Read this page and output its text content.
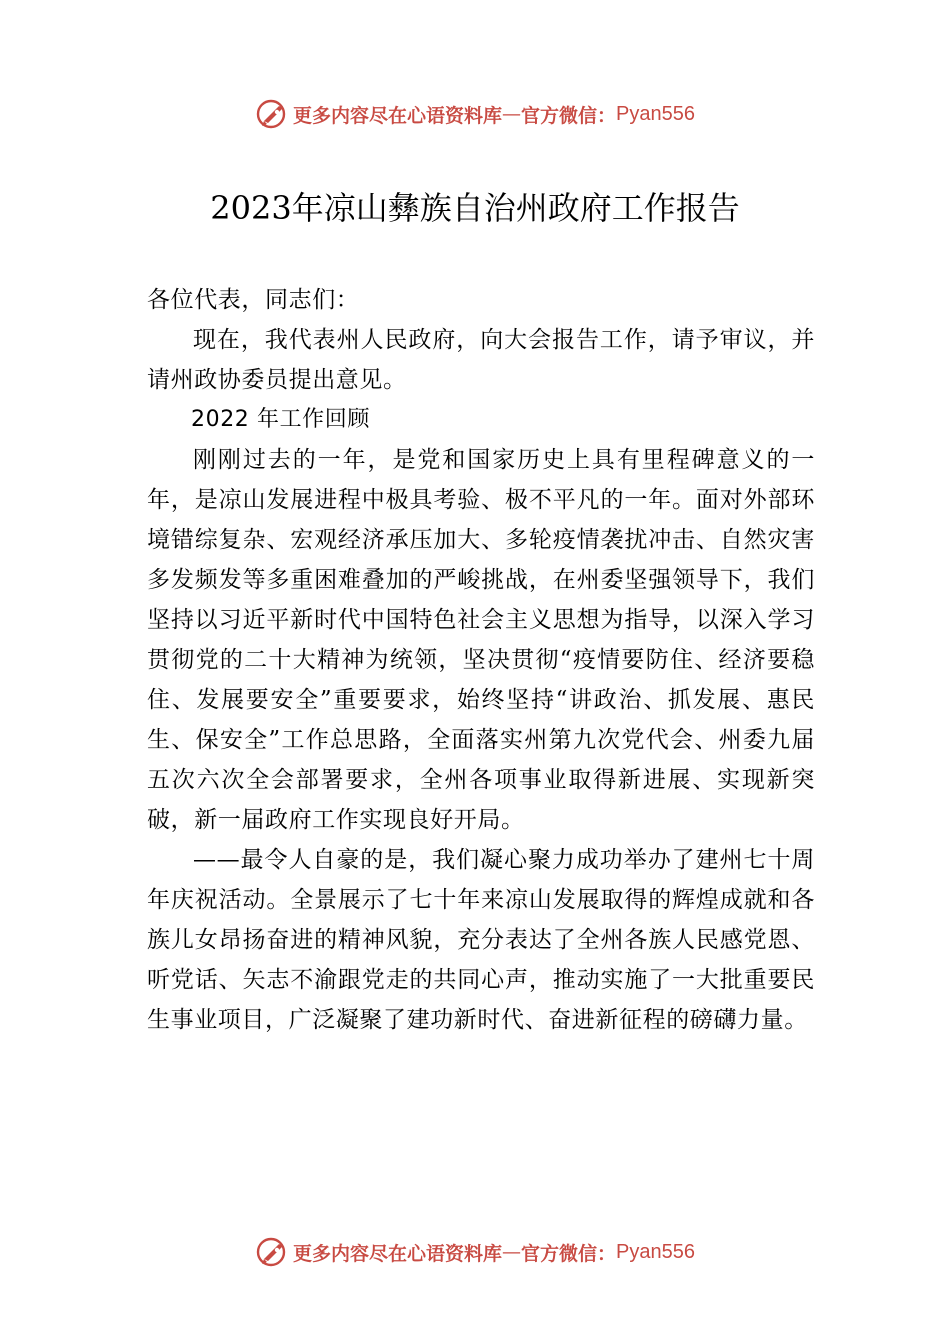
更多内容尽在心语资料库 — 官方微信： Pyan556
2023年凉山彝族自治州政府工作报告

各位代表，同志们：

现在，我代表州人民政府，向大会报告工作，请予审议，并请州政协委员提出意见。

2022 年工作回顾

刚刚过去的一年，是党和国家历史上具有里程碑意义的一年，是凉山发展进程中极具考验、极不平凡的一年。面对外部环境错综复杂、宏观经济承压加大、多轮疫情袭扰冲击、自然灾害多发频发等多重困难叠加的严峻挑战，在州委坚强领导下，我们坚持以习近平新时代中国特色社会主义思想为指导，以深入学习贯彻党的二十大精神为统领，坚决贯彻“疫情要防住、经济要稳住、发展要安全”重要要求，始终坚持“讲政治、抓发展、惠民生、保安全”工作总思路，全面落实州第九次党代会、州委九届五次六次全会部署要求，全州各项事业取得新进展、实现新突破，新一届政府工作实现良好开局。

——最令人自豪的是，我们凝心聚力成功举办了建州七十周年庆祝活动。全景展示了七十年来凉山发展取得的辉煌成就和各族儿女昂扬奋进的精神风貌，充分表达了全州各族人民感党恩、听党话、矢志不渝跟党走的共同心声，推动实施了一大批重要民生事业项目，广泛凝聚了建功新时代、奋进新征程的磅礴力量。

更多内容尽在心语资料库 — 官方微信： Pyan556
